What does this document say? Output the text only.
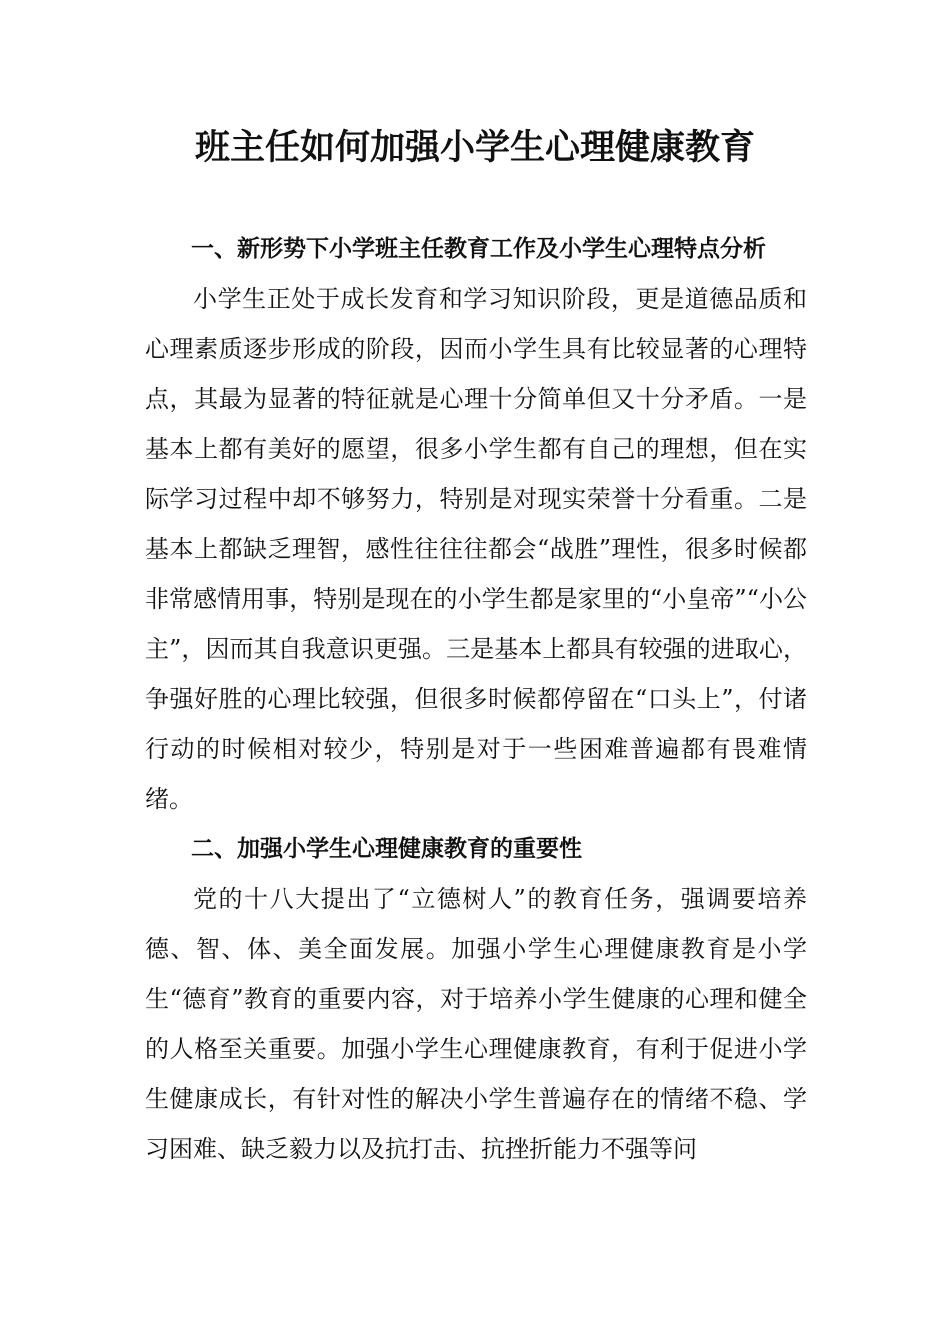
班主任如何加强小学生心理健康教育

一、新形势下小学班主任教育工作及小学生心理特点分析

小学生正处于成长发育和学习知识阶段，更是道德品质和心理素质逐步形成的阶段，因而小学生具有比较显著的心理特点，其最为显著的特征就是心理十分简单但又十分矛盾。一是基本上都有美好的愿望，很多小学生都有自己的理想，但在实际学习过程中却不够努力，特别是对现实荣誉十分看重。二是基本上都缺乏理智，感性往往往都会“战胜”理性，很多时候都非常感情用事，特别是现在的小学生都是家里的“小皇帝”“小公主”，因而其自我意识更强。三是基本上都具有较强的进取心，争强好胜的心理比较强，但很多时候都停留在“口头上”，付诸行动的时候相对较少，特别是对于一些困难普遍都有畏难情绪。

二、加强小学生心理健康教育的重要性

党的十八大提出了“立德树人”的教育任务，强调要培养德、智、体、美全面发展。加强小学生心理健康教育是小学生“德育”教育的重要内容，对于培养小学生健康的心理和健全的人格至关重要。加强小学生心理健康教育，有利于促进小学生健康成长，有针对性的解决小学生普遍存在的情绪不稳、学习困难、缺乏毅力以及抗打击、抗挫折能力不强等问
